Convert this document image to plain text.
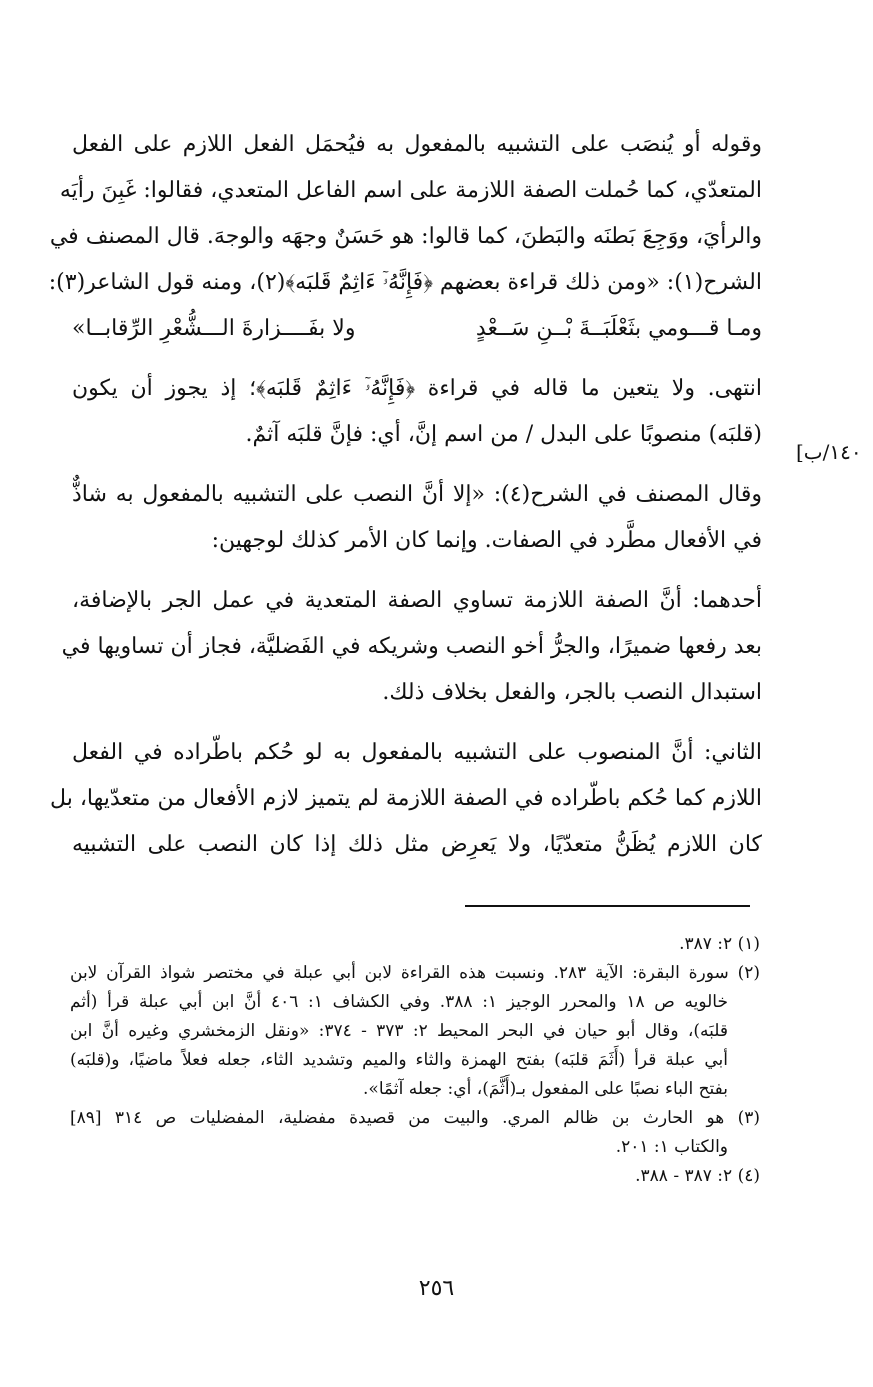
وقوله أو يُنصَب على التشبيه بالمفعول به فيُحمَل الفعل اللازم على الفعل
المتعدّي، كما حُملت الصفة اللازمة على اسم الفاعل المتعدي، فقالوا: غَبِنَ رأيَه
والرأيَ، ووَجِعَ بَطنَه والبَطنَ، كما قالوا: هو حَسَنٌ وجهَه والوجهَ. قال المصنف في
الشرح(١): «ومن ذلك قراءة بعضهم ﴿فَإِنَّهُۥٓ ءَاثِمٌ قَلبَه﴾(٢)، ومنه قول الشاعر(٣):
ومـا قـــومي بثَعْلَبَــةَ بْــنِ سَــعْدٍ
ولا بفَــــزارةَ الـــشُّعْرِ الرِّقابــا»
انتهى. ولا يتعين ما قاله في قراءة ﴿فَإِنَّهُۥٓ ءَاثِمٌ قَلبَه﴾؛ إذ يجوز أن يكون
(قلبَه) منصوبًا على البدل / من اسم إنَّ، أي: فإنَّ قلبَه آثمٌ.
وقال المصنف في الشرح(٤): «إلا أنَّ النصب على التشبيه بالمفعول به شاذٌّ
في الأفعال مطَّرد في الصفات. وإنما كان الأمر كذلك لوجهين:
أحدهما: أنَّ الصفة اللازمة تساوي الصفة المتعدية في عمل الجر بالإضافة،
بعد رفعها ضميرًا، والجرُّ أخو النصب وشريكه في الفَضليَّة، فجاز أن تساويها في
استبدال النصب بالجر، والفعل بخلاف ذلك.
الثاني: أنَّ المنصوب على التشبيه بالمفعول به لو حُكم باطّراده في الفعل
اللازم كما حُكم باطّراده في الصفة اللازمة لم يتميز لازم الأفعال من متعدّيها، بل
كان اللازم يُظَنُّ متعدّيًا، ولا يَعرِض مثل ذلك إذا كان النصب على التشبيه
١٤٠/ب]
(١) ٢: ٣٨٧.
(٢) سورة البقرة: الآية ٢٨٣. ونسبت هذه القراءة لابن أبي عبلة في مختصر شواذ القرآن لابن
خالويه ص ١٨ والمحرر الوجيز ١: ٣٨٨. وفي الكشاف ١: ٤٠٦ أنَّ ابن أبي عبلة قرأ (أثم
قلبَه)، وقال أبو حيان في البحر المحيط ٢: ٣٧٣ - ٣٧٤: «ونقل الزمخشري وغيره أنَّ ابن
أبي عبلة قرأ (أَثَمَ قلبَه) بفتح الهمزة والثاء والميم وتشديد الثاء، جعله فعلاً ماضيًا، و(قلبَه)
بفتح الباء نصبًا على المفعول بـ(أَثَّمَ)، أي: جعله آثمًا».
(٣) هو الحارث بن ظالم المري. والبيت من قصيدة مفضلية، المفضليات ص ٣١٤ [٨٩]
والكتاب ١: ٢٠١.
(٤) ٢: ٣٨٧ - ٣٨٨.
٢٥٦
